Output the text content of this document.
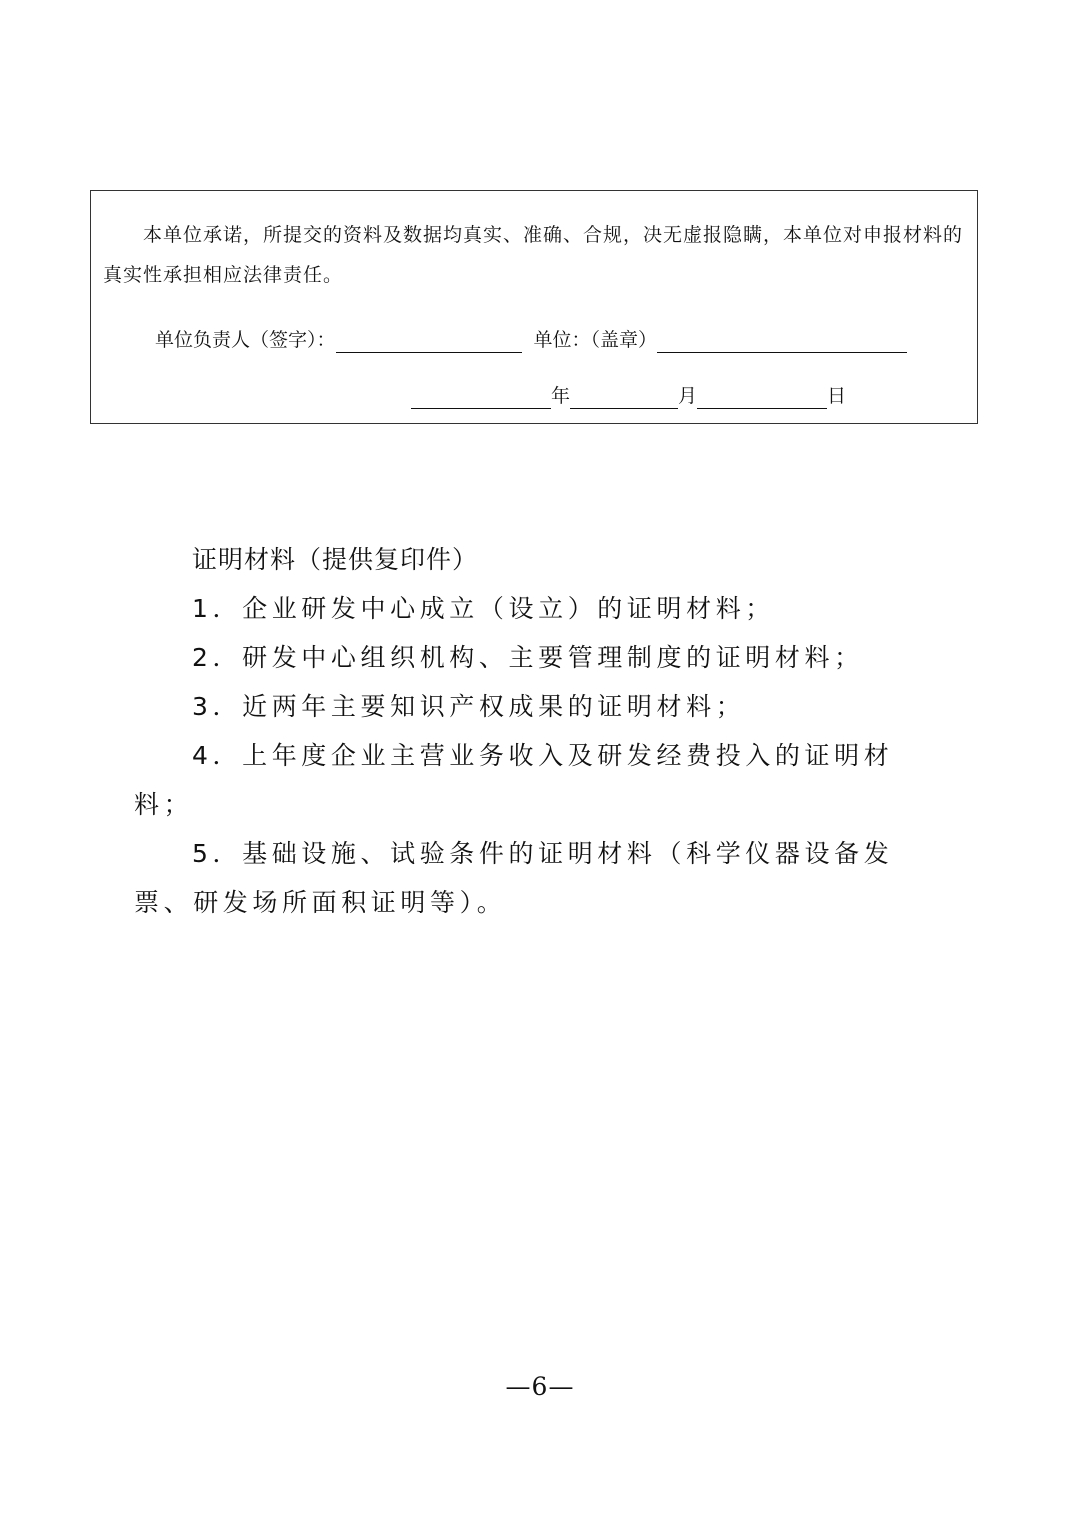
本单位承诺，所提交的资料及数据均真实、准确、合规，决无虚报隐瞒，本单位对申报材料的真实性承担相应法律责任。

单位负责人（签字）：	单位：（盖章）
年	月	日

证明材料（提供复印件）

1．企业研发中心成立（设立）的证明材料；
2．研发中心组织机构、主要管理制度的证明材料；
3．近两年主要知识产权成果的证明材料；
4．上年度企业主营业务收入及研发经费投入的证明材料；
5．基础设施、试验条件的证明材料（科学仪器设备发票、研发场所面积证明等）。
—6—
